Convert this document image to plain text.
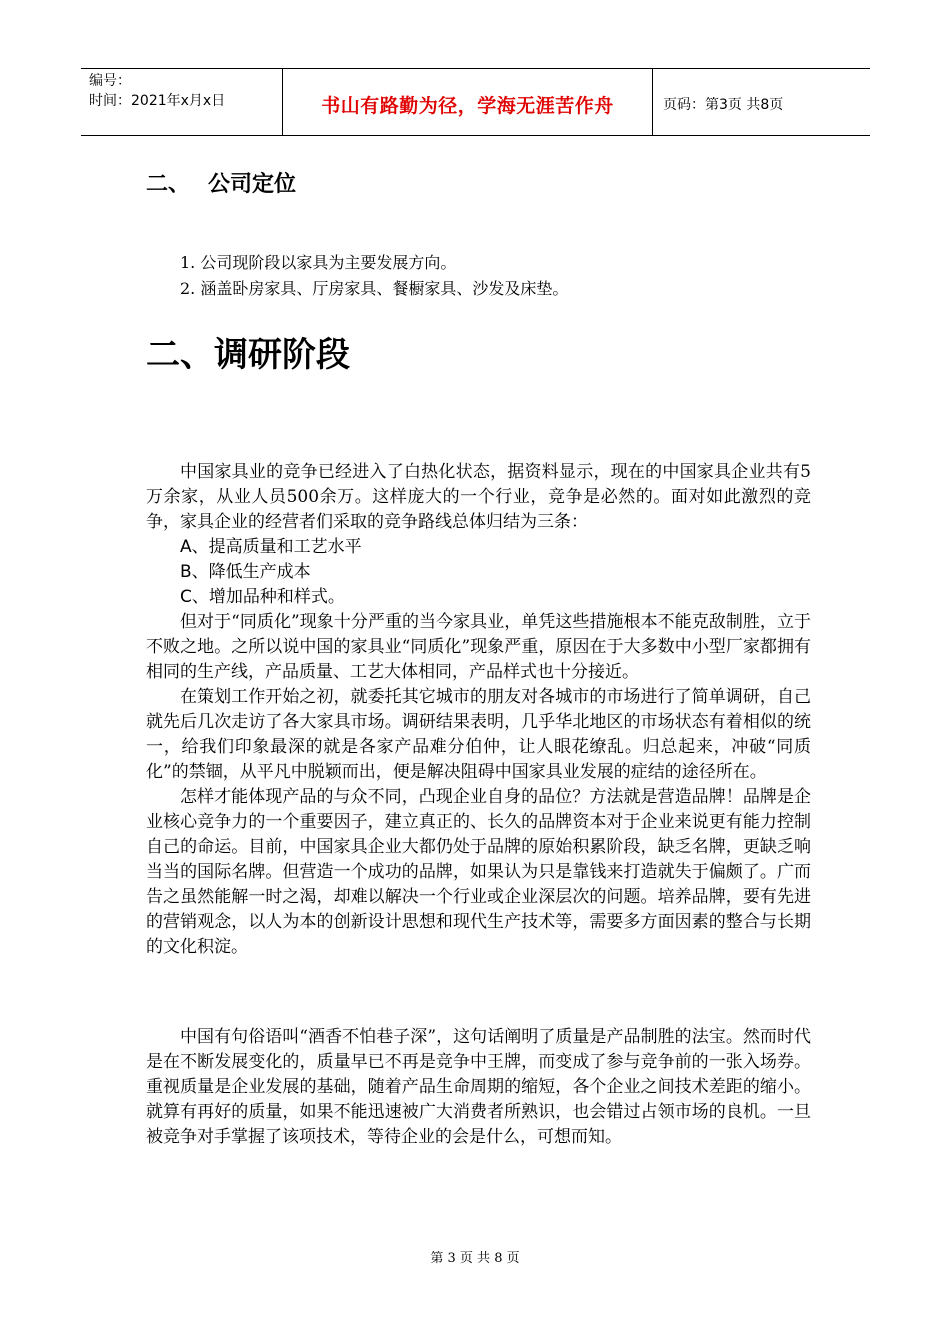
编号：
时间：2021年x月x日	书山有路勤为径，学海无涯苦作舟	页码：第3页 共8页
二、 公司定位
1. 公司现阶段以家具为主要发展方向。
2. 涵盖卧房家具、厅房家具、餐橱家具、沙发及床垫。
二、调研阶段

中国家具业的竞争已经进入了白热化状态，据资料显示，现在的中国家具企业共有5万余家，从业人员500余万。这样庞大的一个行业，竞争是必然的。面对如此激烈的竞争，家具企业的经营者们采取的竞争路线总体归结为三条：

A、提高质量和工艺水平

B、降低生产成本

C、增加品种和样式。

但对于“同质化”现象十分严重的当今家具业，单凭这些措施根本不能克敌制胜，立于不败之地。之所以说中国的家具业“同质化”现象严重，原因在于大多数中小型厂家都拥有相同的生产线，产品质量、工艺大体相同，产品样式也十分接近。

在策划工作开始之初，就委托其它城市的朋友对各城市的市场进行了简单调研，自己就先后几次走访了各大家具市场。调研结果表明，几乎华北地区的市场状态有着相似的统一，给我们印象最深的就是各家产品难分伯仲，让人眼花缭乱。归总起来，冲破“同质化”的禁锢，从平凡中脱颖而出，便是解决阻碍中国家具业发展的症结的途径所在。

怎样才能体现产品的与众不同，凸现企业自身的品位？方法就是营造品牌！品牌是企业核心竞争力的一个重要因子，建立真正的、长久的品牌资本对于企业来说更有能力控制自己的命运。目前，中国家具企业大都仍处于品牌的原始积累阶段，缺乏名牌，更缺乏响当当的国际名牌。但营造一个成功的品牌，如果认为只是靠钱来打造就失于偏颇了。广而告之虽然能解一时之渴，却难以解决一个行业或企业深层次的问题。培养品牌，要有先进的营销观念，以人为本的创新设计思想和现代生产技术等，需要多方面因素的整合与长期的文化积淀。

中国有句俗语叫“酒香不怕巷子深”，这句话阐明了质量是产品制胜的法宝。然而时代是在不断发展变化的，质量早已不再是竞争中王牌，而变成了参与竞争前的一张入场券。重视质量是企业发展的基础，随着产品生命周期的缩短，各个企业之间技术差距的缩小。就算有再好的质量，如果不能迅速被广大消费者所熟识，也会错过占领市场的良机。一旦被竞争对手掌握了该项技术，等待企业的会是什么，可想而知。

第 3 页 共 8 页
